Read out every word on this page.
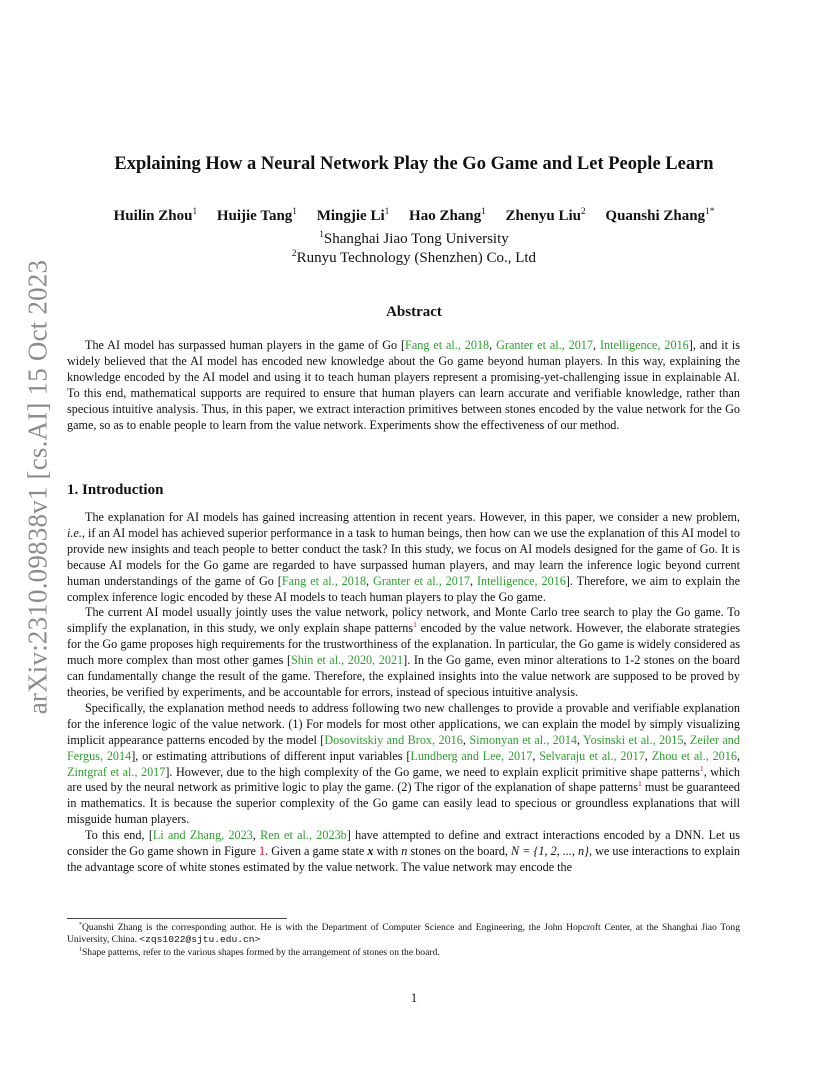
arXiv:2310.09838v1 [cs.AI] 15 Oct 2023
Explaining How a Neural Network Play the Go Game and Let People Learn
Huilin Zhou$^1$ Huijie Tang$^1$ Mingjie Li$^1$ Hao Zhang$^1$ Zhenyu Liu$^2$ Quanshi Zhang$^{1*}$
$^1$Shanghai Jiao Tong University
$^2$Runyu Technology (Shenzhen) Co., Ltd
Abstract

The AI model has surpassed human players in the game of Go [Fang et al., 2018, Granter et al., 2017, Intelligence, 2016], and it is widely believed that the AI model has encoded new knowledge about the Go game beyond human players. In this way, explaining the knowledge encoded by the AI model and using it to teach human players represent a promising-yet-challenging issue in explainable AI. To this end, mathematical supports are required to ensure that human players can learn accurate and verifiable knowledge, rather than specious intuitive analysis. Thus, in this paper, we extract interaction primitives between stones encoded by the value network for the Go game, so as to enable people to learn from the value network. Experiments show the effectiveness of our method.

1. Introduction

The explanation for AI models has gained increasing attention in recent years. However, in this paper, we consider a new problem, i.e., if an AI model has achieved superior performance in a task to human beings, then how can we use the explanation of this AI model to provide new insights and teach people to better conduct the task? In this study, we focus on AI models designed for the game of Go. It is because AI models for the Go game are regarded to have surpassed human players, and may learn the inference logic beyond current human understandings of the game of Go [Fang et al., 2018, Granter et al., 2017, Intelligence, 2016]. Therefore, we aim to explain the complex inference logic encoded by these AI models to teach human players to play the Go game.

The current AI model usually jointly uses the value network, policy network, and Monte Carlo tree search to play the Go game. To simplify the explanation, in this study, we only explain shape patterns$^1$ encoded by the value network. However, the elaborate strategies for the Go game proposes high requirements for the trustworthiness of the explanation. In particular, the Go game is widely considered as much more complex than most other games [Shin et al., 2020, 2021]. In the Go game, even minor alterations to 1-2 stones on the board can fundamentally change the result of the game. Therefore, the explained insights into the value network are supposed to be proved by theories, be verified by experiments, and be accountable for errors, instead of specious intuitive analysis.

Specifically, the explanation method needs to address following two new challenges to provide a provable and verifiable explanation for the inference logic of the value network. (1) For models for most other applications, we can explain the model by simply visualizing implicit appearance patterns encoded by the model [Dosovitskiy and Brox, 2016, Simonyan et al., 2014, Yosinski et al., 2015, Zeiler and Fergus, 2014], or estimating attributions of different input variables [Lundberg and Lee, 2017, Selvaraju et al., 2017, Zhou et al., 2016, Zintgraf et al., 2017]. However, due to the high complexity of the Go game, we need to explain explicit primitive shape patterns$^1$, which are used by the neural network as primitive logic to play the game. (2) The rigor of the explanation of shape patterns$^1$ must be guaranteed in mathematics. It is because the superior complexity of the Go game can easily lead to specious or groundless explanations that will misguide human players.

To this end, [Li and Zhang, 2023, Ren et al., 2023b] have attempted to define and extract interactions encoded by a DNN. Let us consider the Go game shown in Figure 1. Given a game state x with n stones on the board, N = {1, 2, ..., n}, we use interactions to explain the advantage score of white stones estimated by the value network. The value network may encode the

*Quanshi Zhang is the corresponding author. He is with the Department of Computer Science and Engineering, the John Hopcroft Center, at the Shanghai Jiao Tong University, China. <zqs1022@sjtu.edu.cn>

$^1$Shape patterns, refer to the various shapes formed by the arrangement of stones on the board.

1
